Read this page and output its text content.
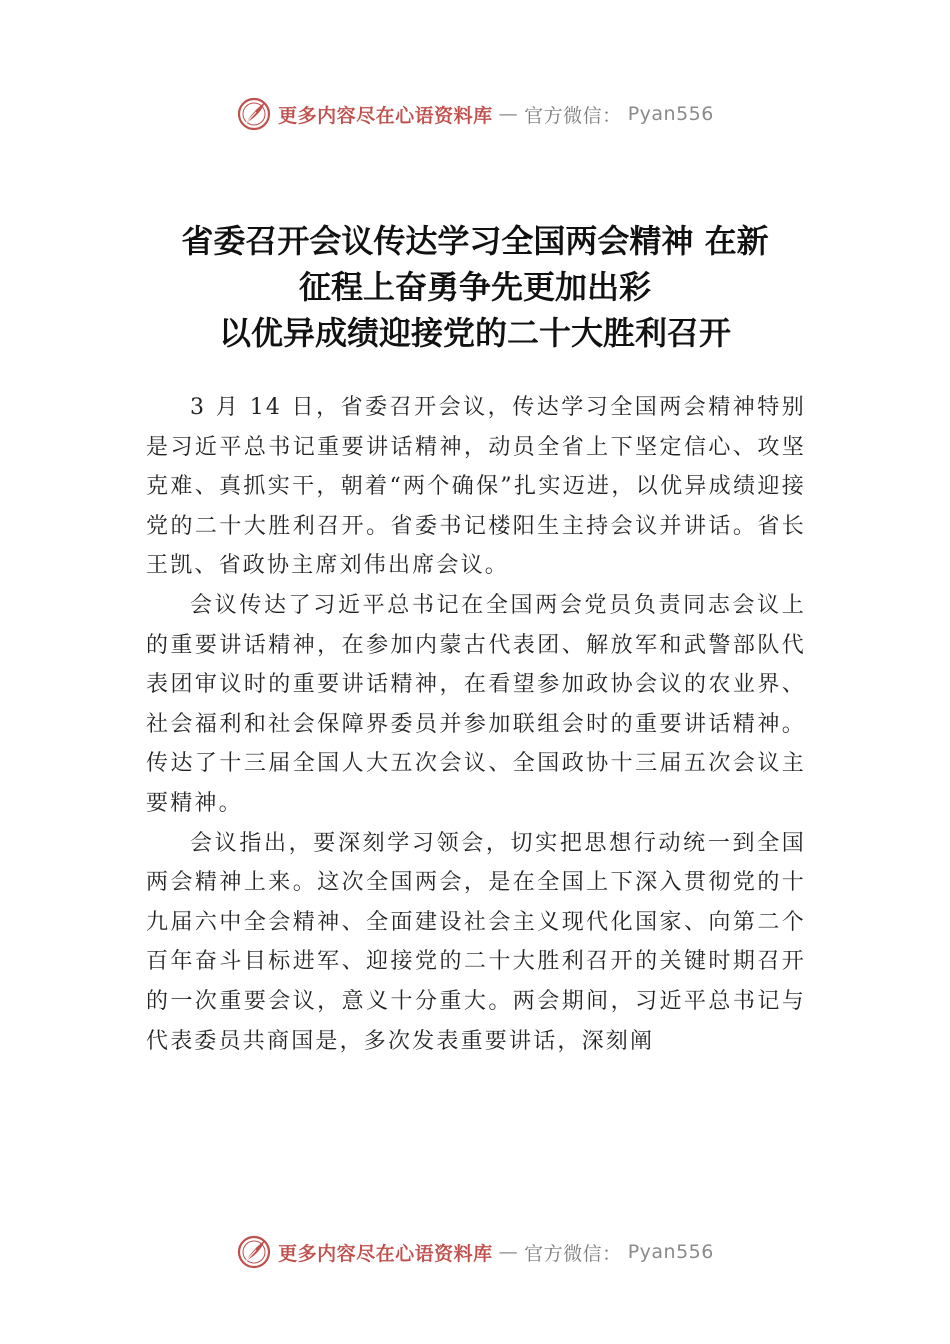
更多内容尽在心语资料库 — 官方微信： Pyan556
省委召开会议传达学习全国两会精神 在新
征程上奋勇争先更加出彩
以优异成绩迎接党的二十大胜利召开

3 月 14 日，省委召开会议，传达学习全国两会精神特别是习近平总书记重要讲话精神，动员全省上下坚定信心、攻坚克难、真抓实干，朝着“两个确保”扎实迈进，以优异成绩迎接党的二十大胜利召开。省委书记楼阳生主持会议并讲话。省长王凯、省政协主席刘伟出席会议。

会议传达了习近平总书记在全国两会党员负责同志会议上的重要讲话精神，在参加内蒙古代表团、解放军和武警部队代表团审议时的重要讲话精神，在看望参加政协会议的农业界、社会福利和社会保障界委员并参加联组会时的重要讲话精神。传达了十三届全国人大五次会议、全国政协十三届五次会议主要精神。

会议指出，要深刻学习领会，切实把思想行动统一到全国两会精神上来。这次全国两会，是在全国上下深入贯彻党的十九届六中全会精神、全面建设社会主义现代化国家、向第二个百年奋斗目标进军、迎接党的二十大胜利召开的关键时期召开的一次重要会议，意义十分重大。两会期间，习近平总书记与代表委员共商国是，多次发表重要讲话，深刻阐

更多内容尽在心语资料库 — 官方微信： Pyan556
